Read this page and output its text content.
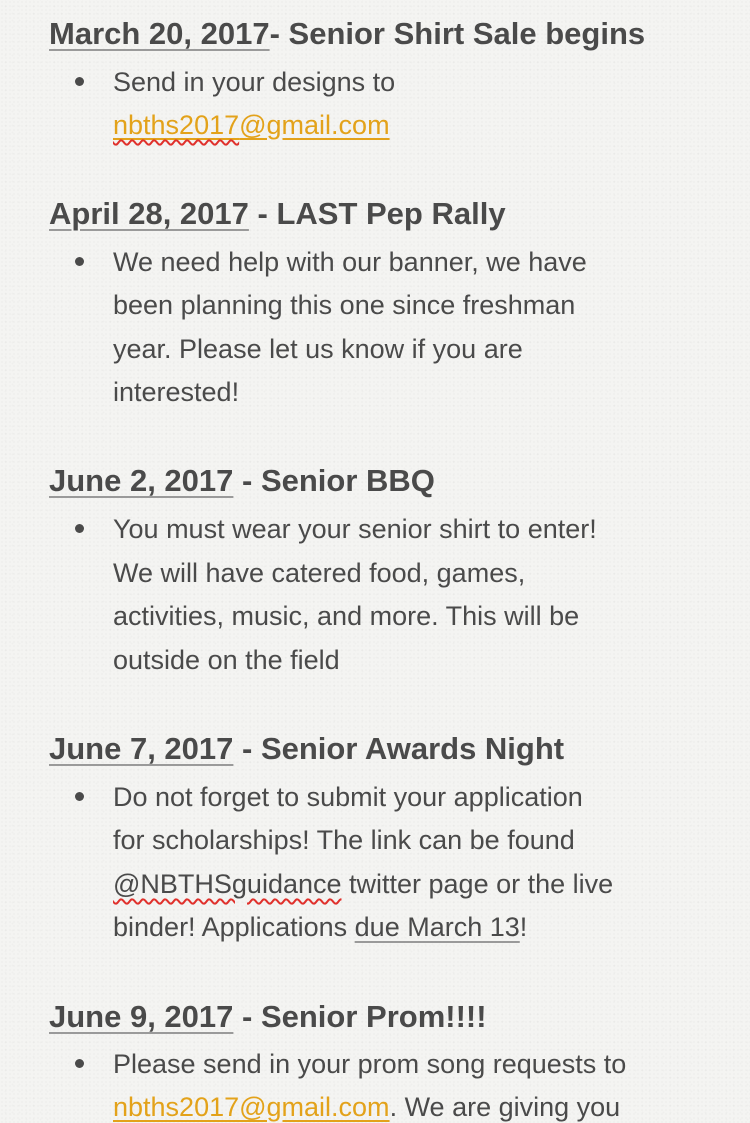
March 20, 2017- Senior Shirt Sale begins
Send in your designs to
nbths2017@gmail.com
April 28, 2017 - LAST Pep Rally
We need help with our banner, we have
been planning this one since freshman
year. Please let us know if you are
interested!
June 2, 2017 - Senior BBQ
You must wear your senior shirt to enter!
We will have catered food, games,
activities, music, and more. This will be
outside on the field
June 7, 2017 - Senior Awards Night
Do not forget to submit your application
for scholarships! The link can be found
@NBTHSguidance twitter page or the live
binder! Applications due March 13!
June 9, 2017 - Senior Prom!!!!
Please send in your prom song requests to
nbths2017@gmail.com. We are giving you
